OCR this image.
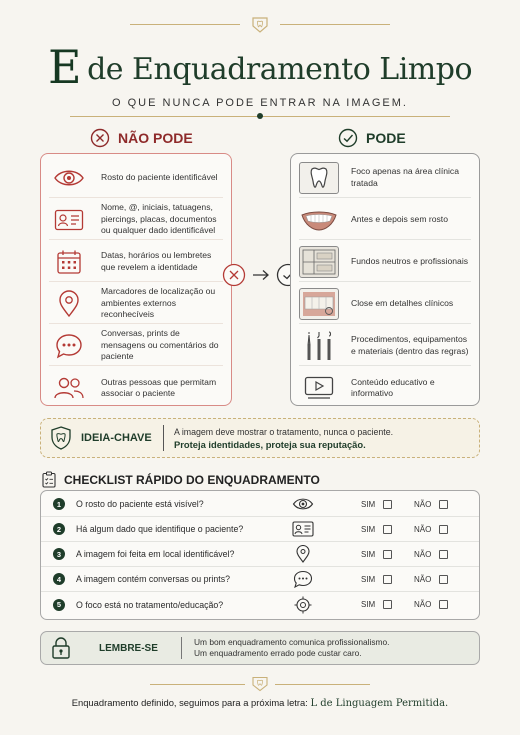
Ede Enquadramento Limpo
O QUE NUNCA PODE ENTRAR NA IMAGEM.
NÃO PODE	PODE
Rosto do paciente identificável
Nome, @, iniciais, tatuagens, piercings, placas, documentos ou qualquer dado identificável
Datas, horários ou lembretes que revelem a identidade
Marcadores de localização ou ambientes externos reconhecíveis
Conversas, prints de mensagens ou comentários do paciente
Outras pessoas que permitam associar o paciente
Foco apenas na área clínica tratada
Antes e depois sem rosto
Fundos neutros e profissionais
Close em detalhes clínicos
Procedimentos, equipamentos e materiais (dentro das regras)
Conteúdo educativo e informativo
IDEIA-CHAVE
A imagem deve mostrar o tratamento, nunca o paciente.
Proteja identidades, proteja sua reputação.
CHECKLIST RÁPIDO DO ENQUADRAMENTO
1	O rosto do paciente está visível?	SIM	NÃO
2	Há algum dado que identifique o paciente?	SIM	NÃO
3	A imagem foi feita em local identificável?	SIM	NÃO
4	A imagem contém conversas ou prints?	SIM	NÃO
5	O foco está no tratamento/educação?	SIM	NÃO
LEMBRE-SE
Um bom enquadramento comunica profissionalismo.
Um enquadramento errado pode custar caro.
Enquadramento definido, seguimos para a próxima letra: L de Linguagem Permitida.
